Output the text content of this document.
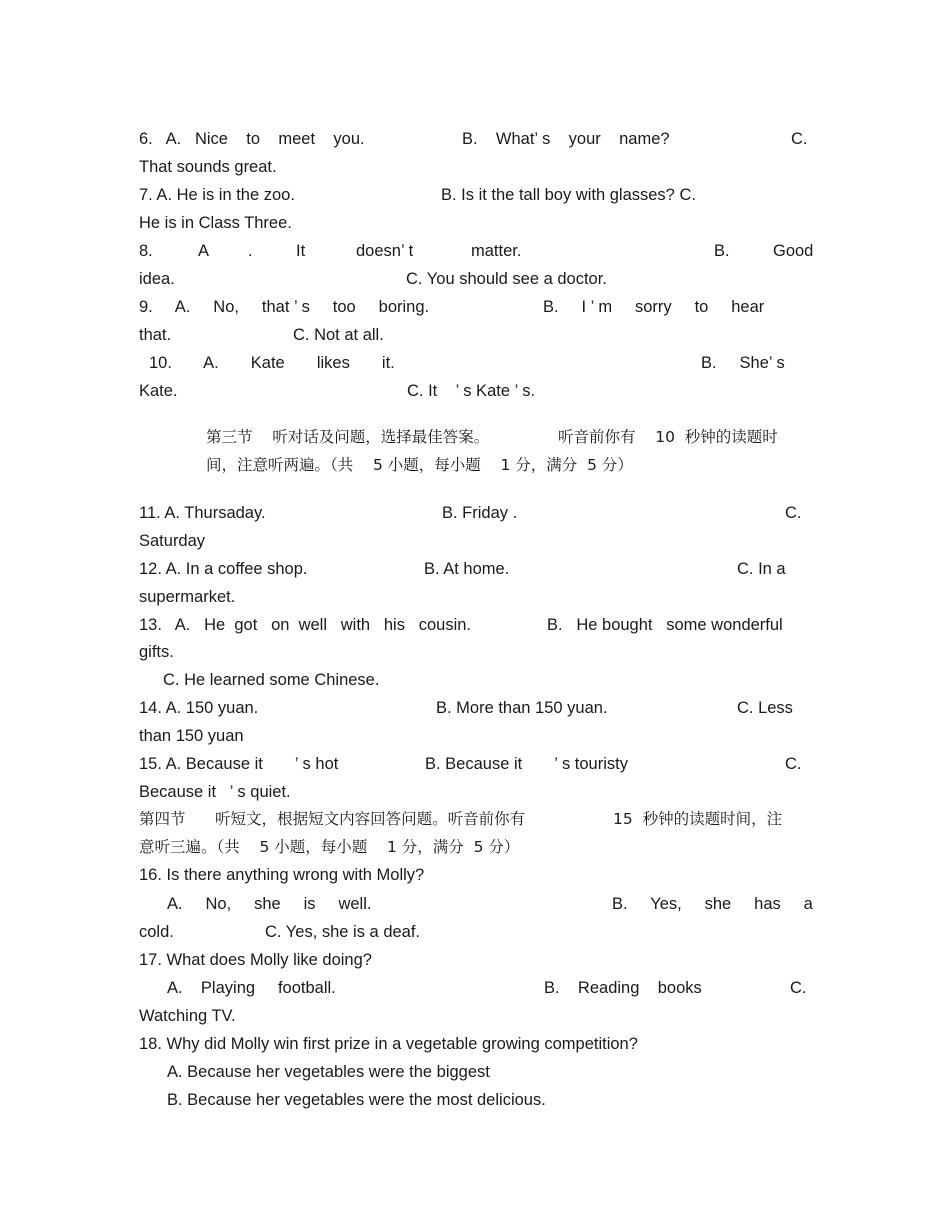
6.   A.   Nice    to    meet    you.

	B.    What’ s    your    name?

	C.

That sounds great.

7. A. He is in the zoo.

	B. Is it the tall boy with glasses? C.

He is in Class Three.

8.

	A

.

	It

	doesn’ t

	matter.

	B.

	Good

idea.

	C. You should see a doctor.

9.     A.     No,     that ’ s     too     boring.

	B.     I ’ m     sorry     to     hear

that.

	C. Not at all.

10.       A.       Kate       likes       it.

	B.     She’ s

Kate.

	C. It    ’ s Kate ’ s.

第三节    听对话及问题，选择最佳答案。

	听音前你有    10  秒钟的读题时

间，注意听两遍。（共    5 小题，每小题    1 分，满分  5 分）

11. A. Thursaday.

	B. Friday .

	C.

Saturday

12. A. In a coffee shop.

	B. At home.

	C. In a

supermarket.

13.   A.   He  got   on  well   with   his   cousin.

	B.   He bought   some wonderful

gifts.

C. He learned some Chinese.

14. A. 150 yuan.

	B. More than 150 yuan.

	C. Less

than 150 yuan

15. A. Because it       ’ s hot

	B. Because it       ’ s touristy

	C.

Because it   ’ s quiet.

第四节      听短文，根据短文内容回答问题。听音前你有

	15  秒钟的读题时间，注

意听三遍。（共    5 小题，每小题    1 分，满分  5 分）
16. Is there anything wrong with Molly?

A.     No,     she     is     well.

	B.     Yes,     she     has     a

cold.

	C. Yes, she is a deaf.

17. What does Molly like doing?

A.    Playing     football.

	B.    Reading    books

	C.

Watching TV.
18. Why did Molly win first prize in a vegetable growing competition?

A. Because her vegetables were the biggest

B. Because her vegetables were the most delicious.
